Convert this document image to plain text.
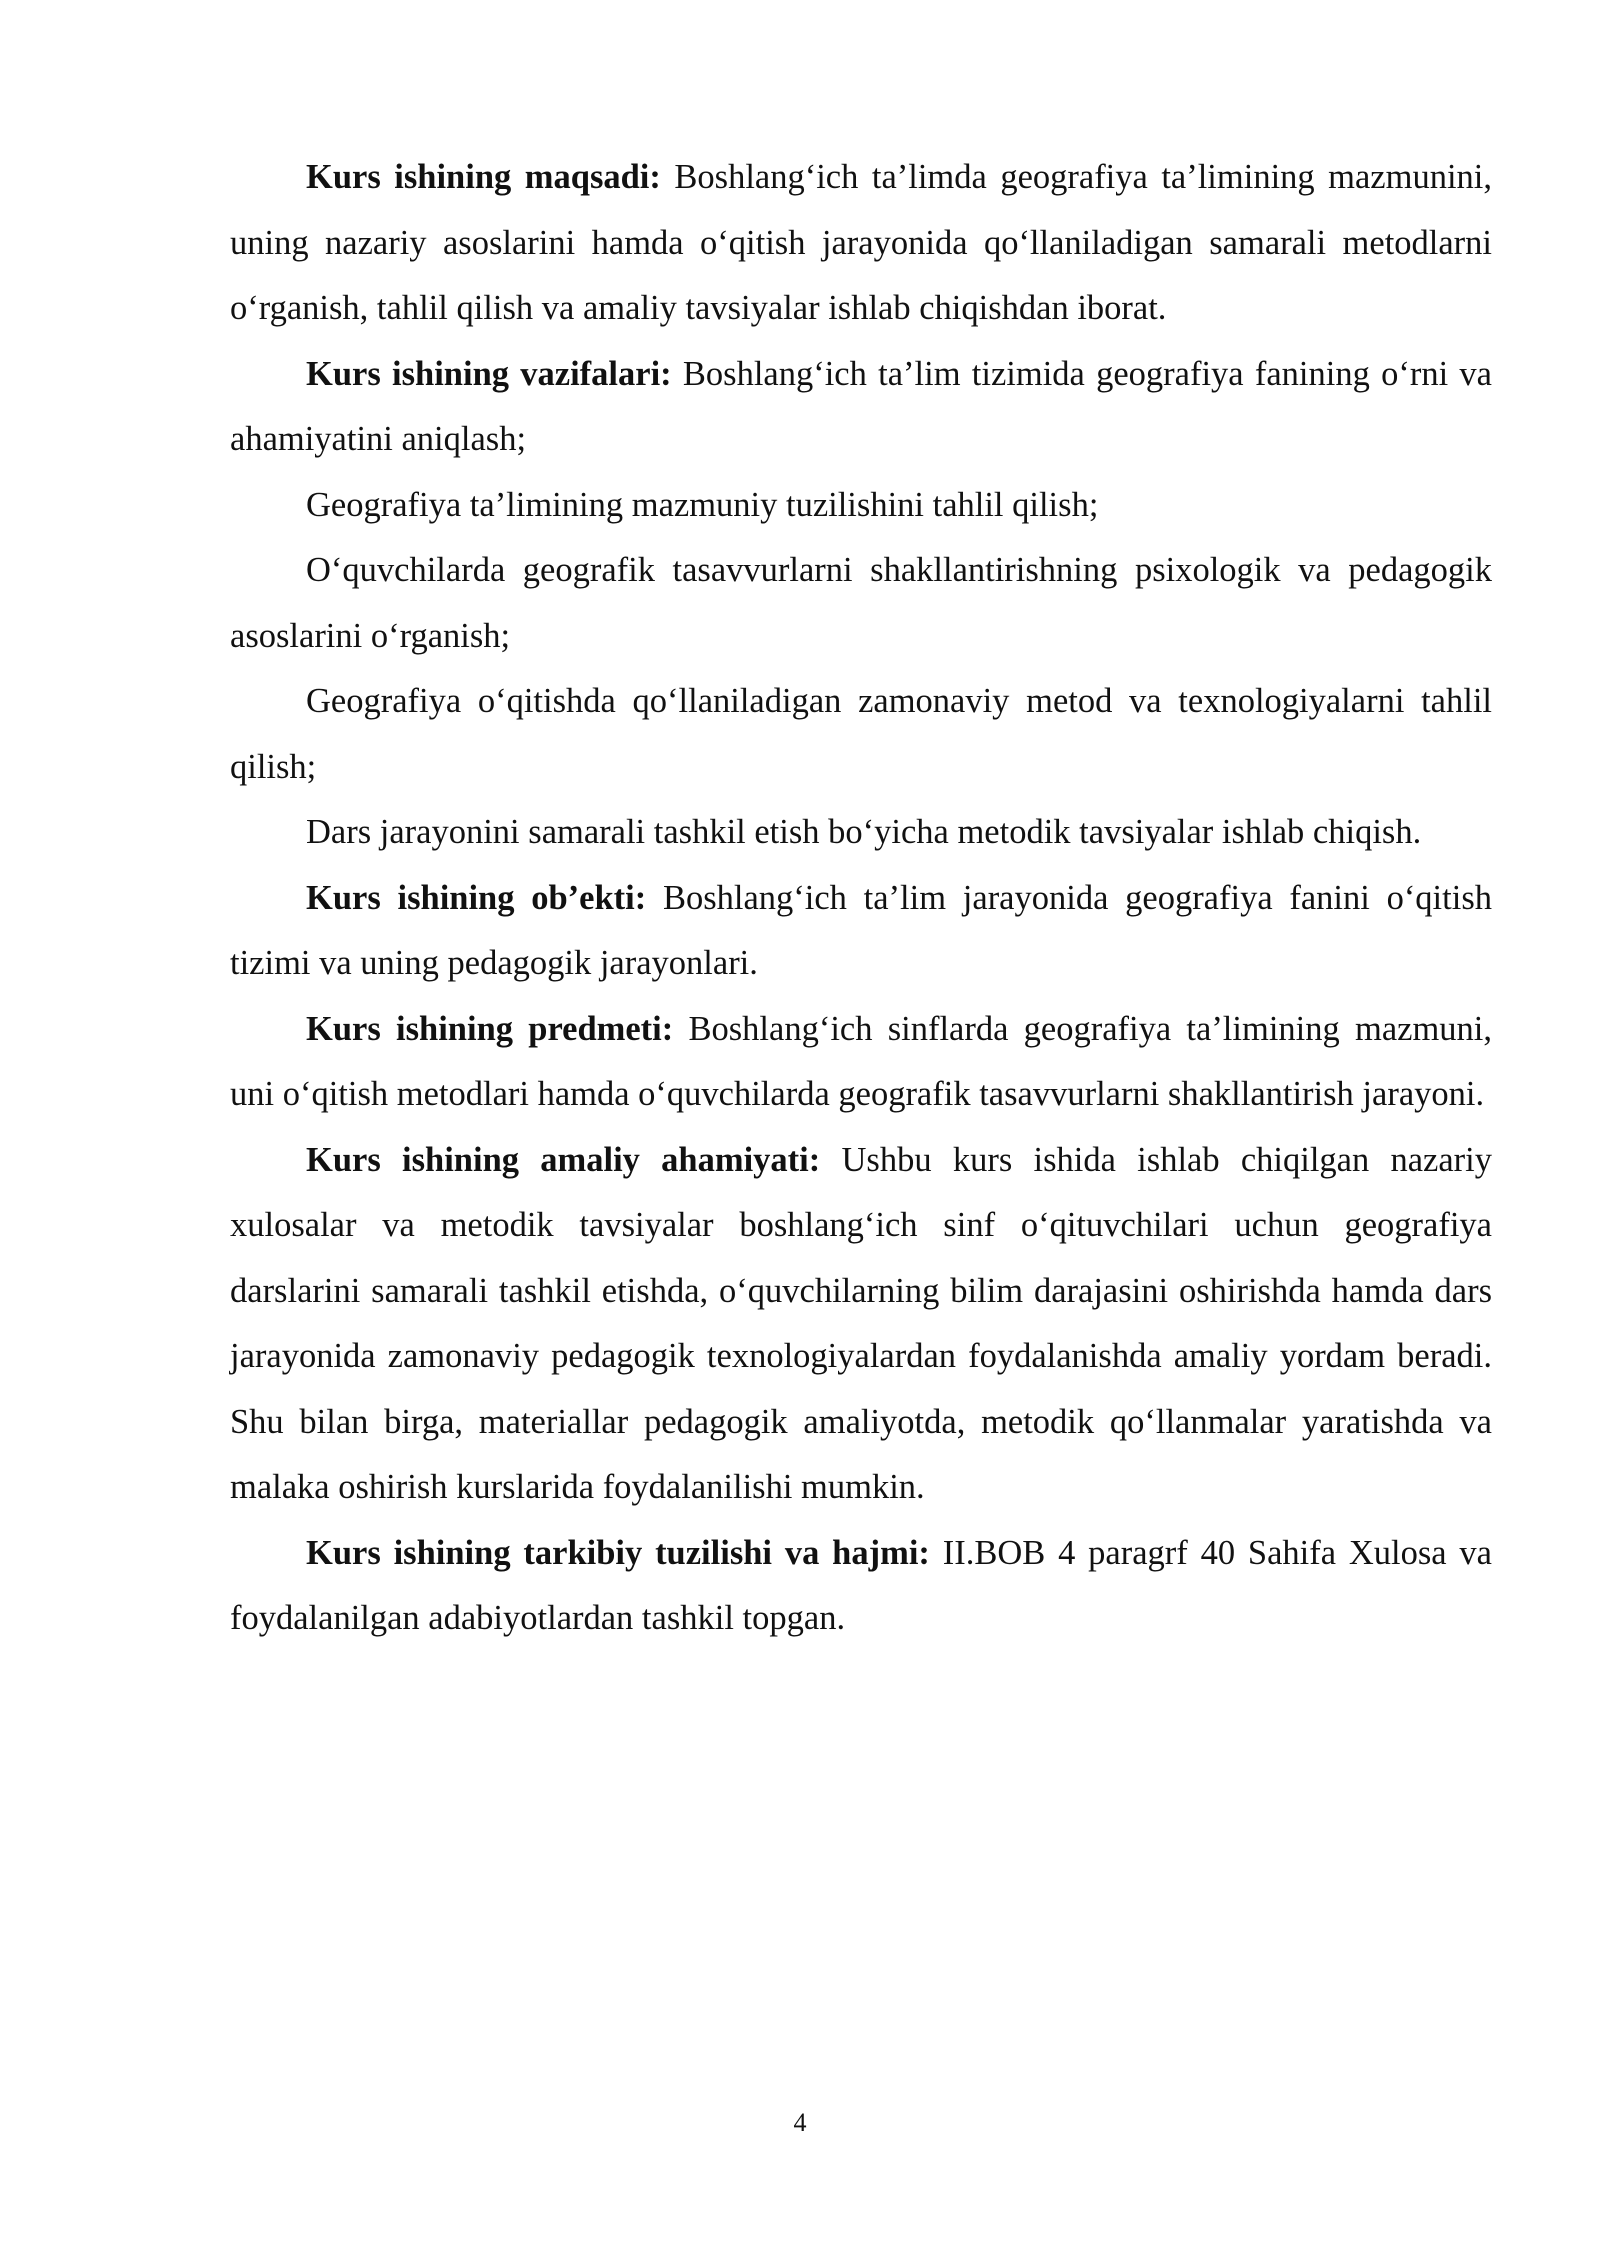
Kurs ishining maqsadi: Boshlang‘ich ta’limda geografiya ta’limining mazmunini, uning nazariy asoslarini hamda o‘qitish jarayonida qo‘llaniladigan samarali metodlarni o‘rganish, tahlil qilish va amaliy tavsiyalar ishlab chiqishdan iborat.

Kurs ishining vazifalari: Boshlang‘ich ta’lim tizimida geografiya fanining o‘rni va ahamiyatini aniqlash;

Geografiya ta’limining mazmuniy tuzilishini tahlil qilish;

O‘quvchilarda geografik tasavvurlarni shakllantirishning psixologik va pedagogik asoslarini o‘rganish;

Geografiya o‘qitishda qo‘llaniladigan zamonaviy metod va texnologiyalarni tahlil qilish;

Dars jarayonini samarali tashkil etish bo‘yicha metodik tavsiyalar ishlab chiqish.

Kurs ishining ob’ekti: Boshlang‘ich ta’lim jarayonida geografiya fanini o‘qitish tizimi va uning pedagogik jarayonlari.

Kurs ishining predmeti: Boshlang‘ich sinflarda geografiya ta’limining mazmuni, uni o‘qitish metodlari hamda o‘quvchilarda geografik tasavvurlarni shakllantirish jarayoni.

Kurs ishining amaliy ahamiyati: Ushbu kurs ishida ishlab chiqilgan nazariy xulosalar va metodik tavsiyalar boshlang‘ich sinf o‘qituvchilari uchun geografiya darslarini samarali tashkil etishda, o‘quvchilarning bilim darajasini oshirishda hamda dars jarayonida zamonaviy pedagogik texnologiyalardan foydalanishda amaliy yordam beradi. Shu bilan birga, materiallar pedagogik amaliyotda, metodik qo‘llanmalar yaratishda va malaka oshirish kurslarida foydalanilishi mumkin.

Kurs ishining tarkibiy tuzilishi va hajmi: II.BOB 4 paragrf 40 Sahifa Xulosa va foydalanilgan adabiyotlardan tashkil topgan.

4
